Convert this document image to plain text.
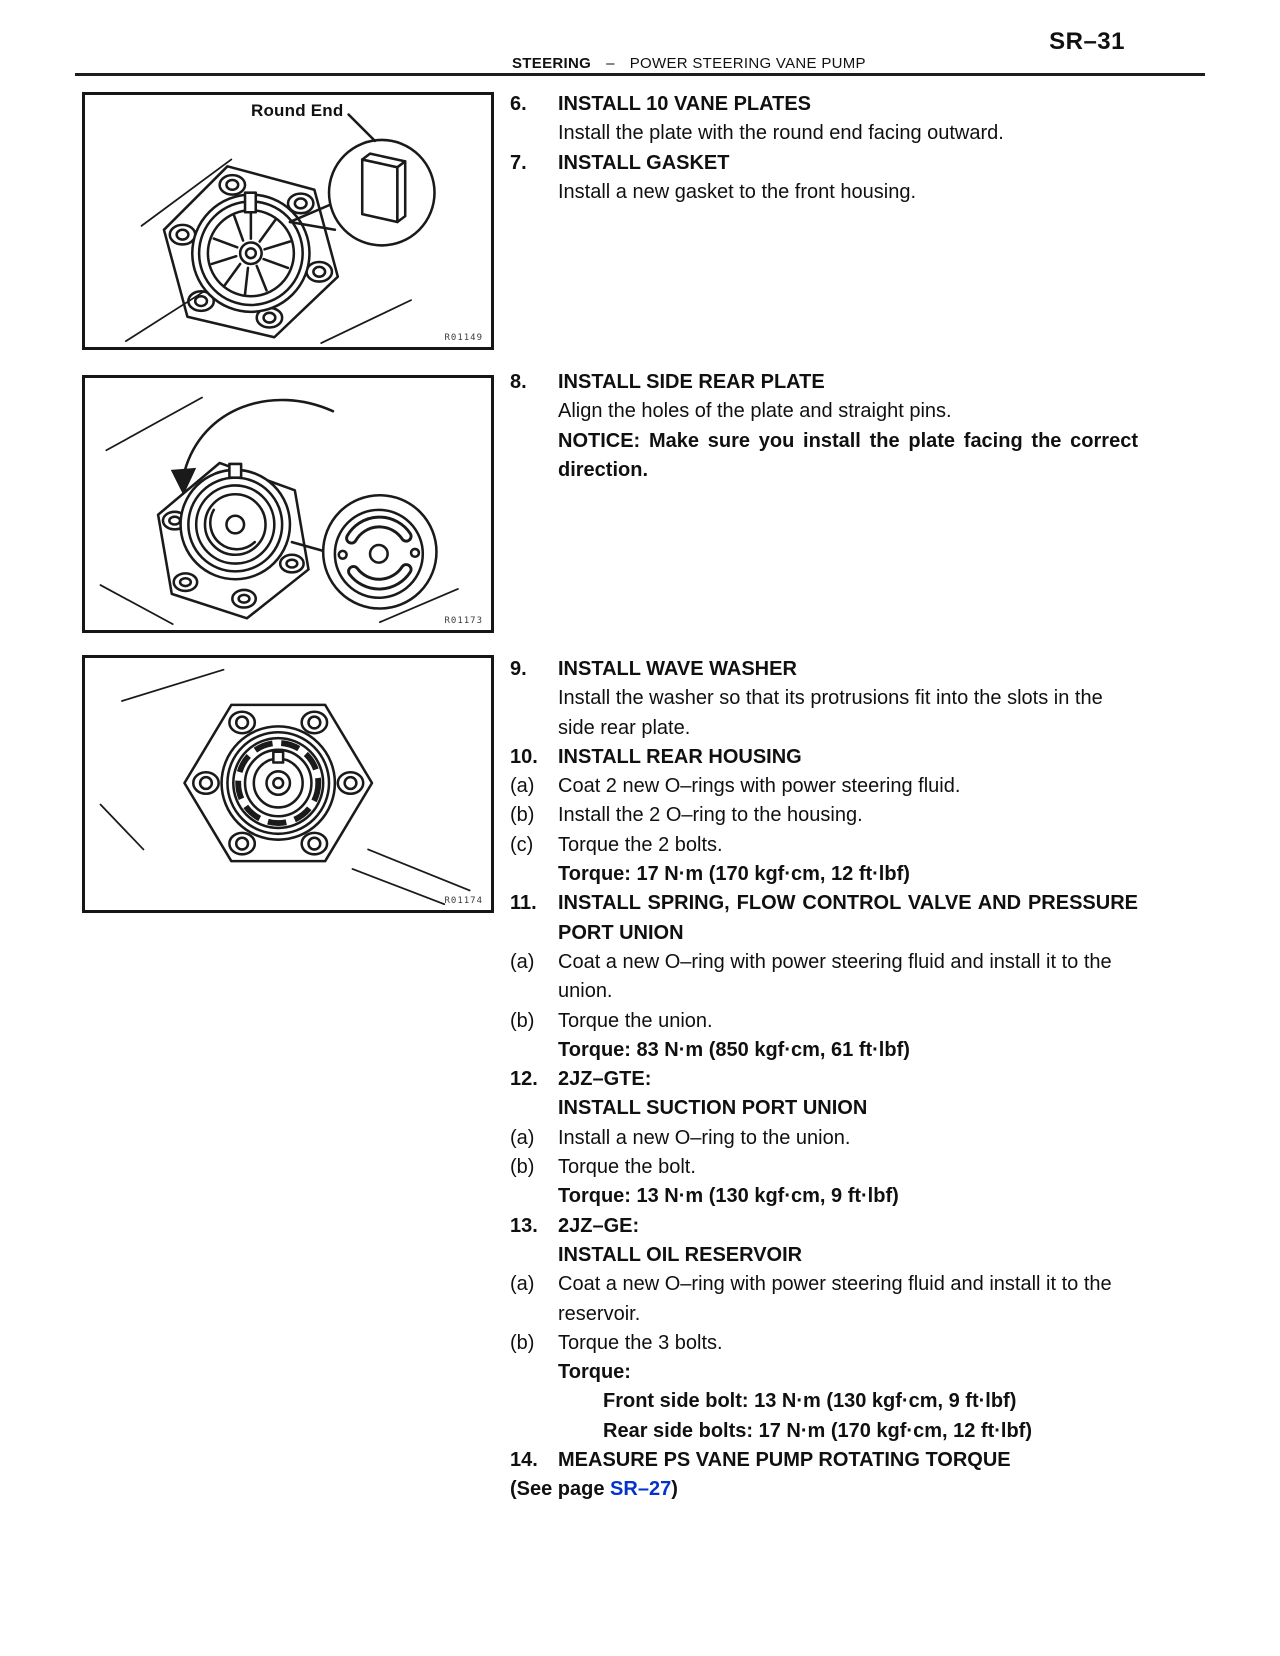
SR–31
STEERING – POWER STEERING VANE PUMP
Round End
R01149
R01173
R01174
6. INSTALL 10 VANE PLATES
Install the plate with the round end facing outward.
7. INSTALL GASKET
Install a new gasket to the front housing.
8. INSTALL SIDE REAR PLATE
Align the holes of the plate and straight pins.
NOTICE: Make sure you install the plate facing the correct direction.
9. INSTALL WAVE WASHER
Install the washer so that its protrusions fit into the slots in the side rear plate.
10. INSTALL REAR HOUSING
(a) Coat 2 new O–rings with power steering fluid.
(b) Install the 2 O–ring to the housing.
(c) Torque the 2 bolts.
Torque: 17 N·m (170 kgf·cm, 12 ft·lbf)
11. INSTALL SPRING, FLOW CONTROL VALVE AND PRESSURE PORT UNION
(a) Coat a new O–ring with power steering fluid and install it to the union.
(b) Torque the union.
Torque: 83 N·m (850 kgf·cm, 61 ft·lbf)
12. 2JZ–GTE:
INSTALL SUCTION PORT UNION
(a) Install a new O–ring to the union.
(b) Torque the bolt.
Torque: 13 N·m (130 kgf·cm, 9 ft·lbf)
13. 2JZ–GE:
INSTALL OIL RESERVOIR
(a) Coat a new O–ring with power steering fluid and install it to the reservoir.
(b) Torque the 3 bolts.
Torque:
Front side bolt: 13 N·m (130 kgf·cm, 9 ft·lbf)
Rear side bolts: 17 N·m (170 kgf·cm, 12 ft·lbf)
14. MEASURE PS VANE PUMP ROTATING TORQUE
(See page SR–27)
